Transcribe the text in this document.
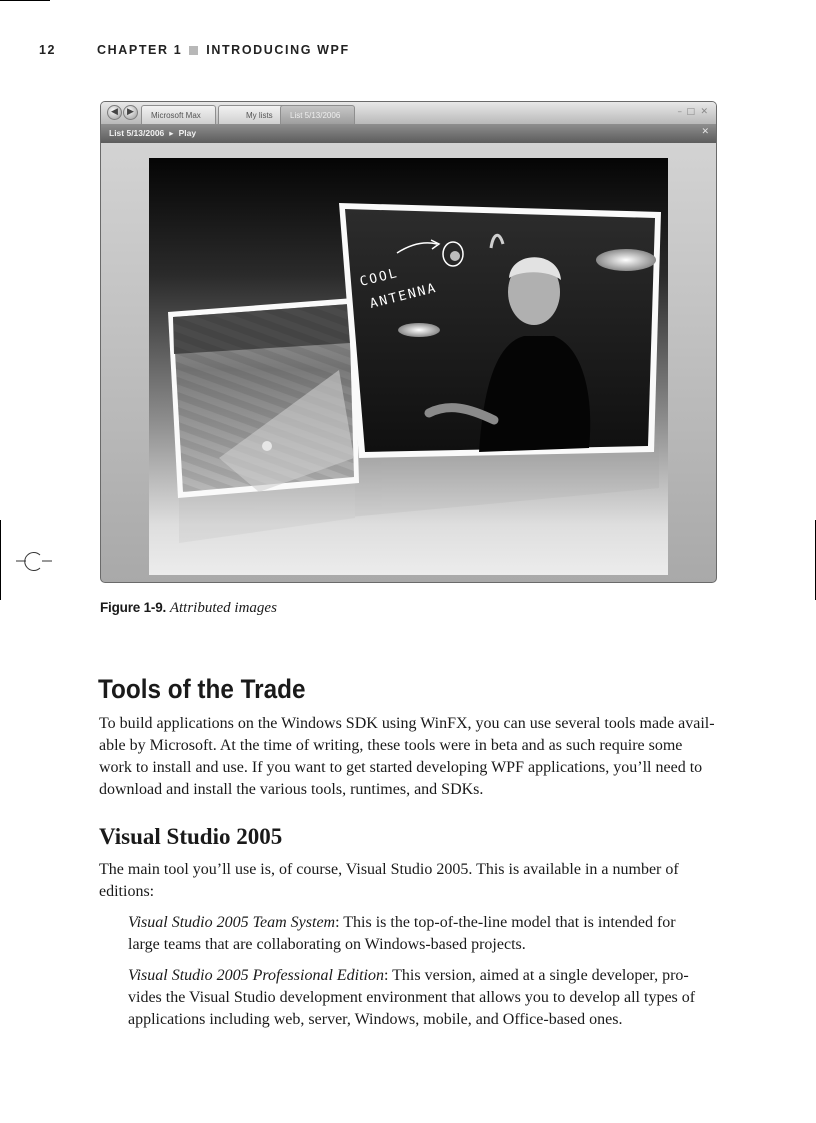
12	CHAPTER 1 INTRODUCING WPF
◀	▶	Microsoft Max	My lists	List 5/13/2006	– □ ✕
List 5/13/2006 ▸ Play	✕
COOL
ANTENNA
Figure 1-9. Attributed images
Tools of the Trade

To build applications on the Windows SDK using WinFX, you can use several tools made avail-

able by Microsoft. At the time of writing, these tools were in beta and as such require some

work to install and use. If you want to get started developing WPF applications, you’ll need to

download and install the various tools, runtimes, and SDKs.

Visual Studio 2005

The main tool you’ll use is, of course, Visual Studio 2005. This is available in a number of

editions:

Visual Studio 2005 Team System: This is the top-of-the-line model that is intended for

large teams that are collaborating on Windows-based projects.

Visual Studio 2005 Professional Edition: This version, aimed at a single developer, pro-

vides the Visual Studio development environment that allows you to develop all types of

applications including web, server, Windows, mobile, and Office-based ones.
